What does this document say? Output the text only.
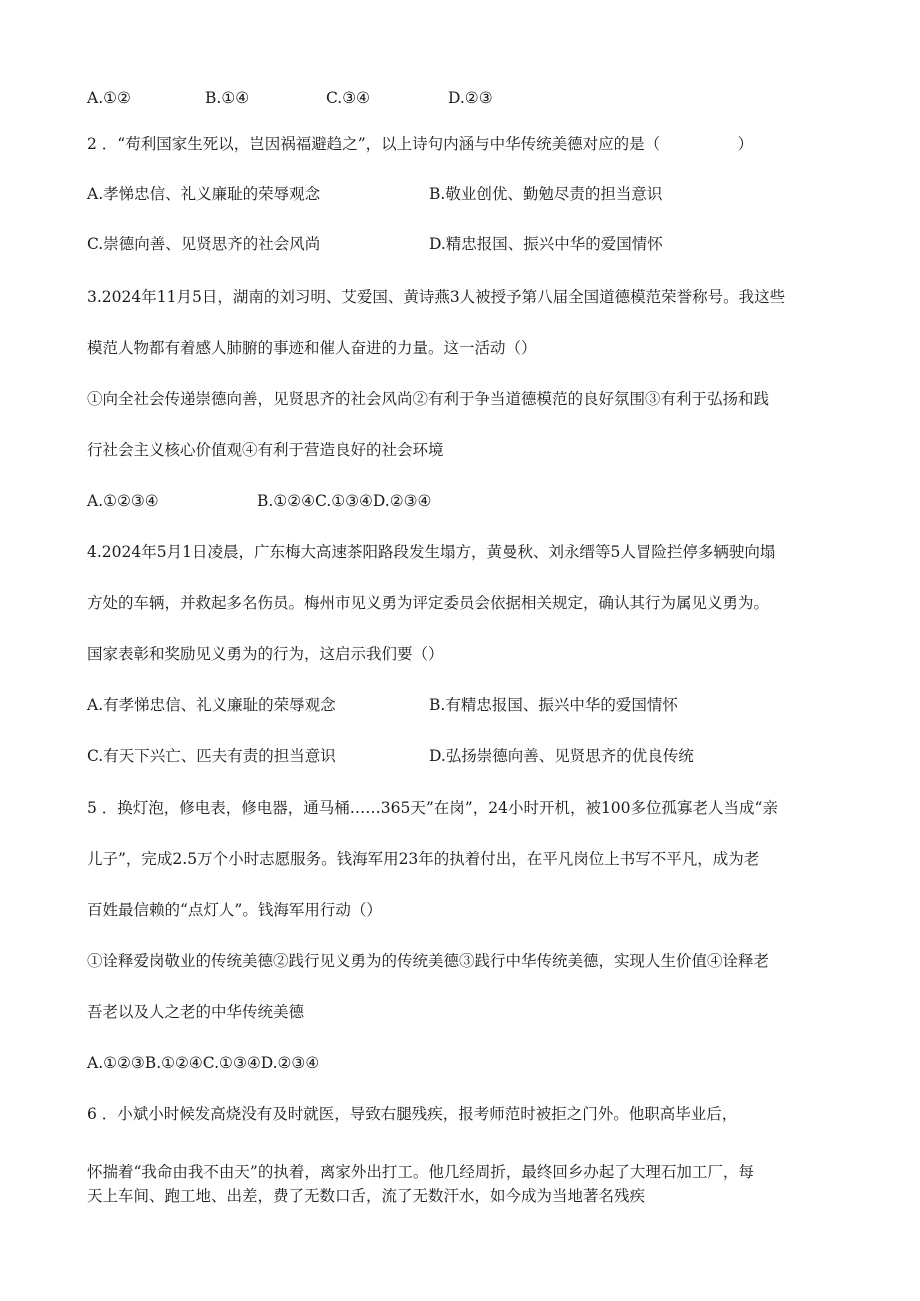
A.①②	B.①④	C.③④	D.②③
2 ．“苟利国家生死以，岂因祸福避趋之”，以上诗句内涵与中华传统美德对应的是（　　　　　）
A.孝悌忠信、礼义廉耻的荣辱观念	B.敬业创优、勤勉尽责的担当意识
C.崇德向善、见贤思齐的社会风尚	D.精忠报国、振兴中华的爱国情怀
3.2024年11月5日，湖南的刘习明、艾爱国、黄诗燕3人被授予第八届全国道德模范荣誉称号。我这些
模范人物都有着感人肺腑的事迹和催人奋进的力量。这一活动（）
①向全社会传递崇德向善，见贤思齐的社会风尚②有利于争当道德模范的良好氛围③有利于弘扬和践
行社会主义核心价值观④有利于营造良好的社会环境
A.①②③④	B.①②④C.①③④D.②③④
4.2024年5月1日凌晨，广东梅大高速茶阳路段发生塌方，黄曼秋、刘永缙等5人冒险拦停多辆驶向塌
方处的车辆，并救起多名伤员。梅州市见义勇为评定委员会依据相关规定，确认其行为属见义勇为。
国家表彰和奖励见义勇为的行为，这启示我们要（）
A.有孝悌忠信、礼义廉耻的荣辱观念	B.有精忠报国、振兴中华的爱国情怀
C.有天下兴亡、匹夫有责的担当意识	D.弘扬崇德向善、见贤思齐的优良传统
5 ．换灯泡，修电表，修电器，通马桶……365天”在岗”，24小时开机，被100多位孤寡老人当成“亲
儿子”，完成2.5万个小时志愿服务。钱海军用23年的执着付出，在平凡岗位上书写不平凡，成为老
百姓最信赖的“点灯人”。钱海军用行动（）
①诠释爱岗敬业的传统美德②践行见义勇为的传统美德③践行中华传统美德，实现人生价值④诠释老
吾老以及人之老的中华传统美德
A.①②③B.①②④C.①③④D.②③④
6 ．小斌小时候发高烧没有及时就医，导致右腿残疾，报考师范时被拒之门外。他职高毕业后，
怀揣着“我命由我不由天”的执着，离家外出打工。他几经周折，最终回乡办起了大理石加工厂，每
天上车间、跑工地、出差，费了无数口舌，流了无数汗水，如今成为当地著名残疾
